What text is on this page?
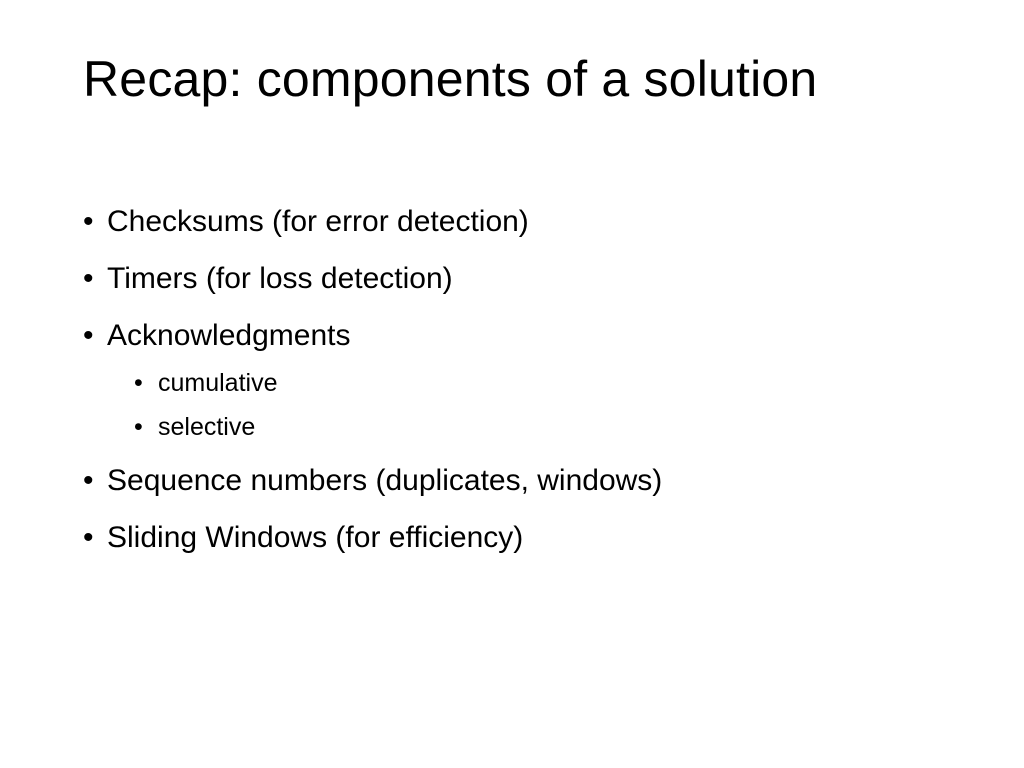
Recap: components of a solution
• Checksums (for error detection)
• Timers (for loss detection)
• Acknowledgments
• cumulative
• selective
• Sequence numbers (duplicates, windows)
• Sliding Windows (for efficiency)
